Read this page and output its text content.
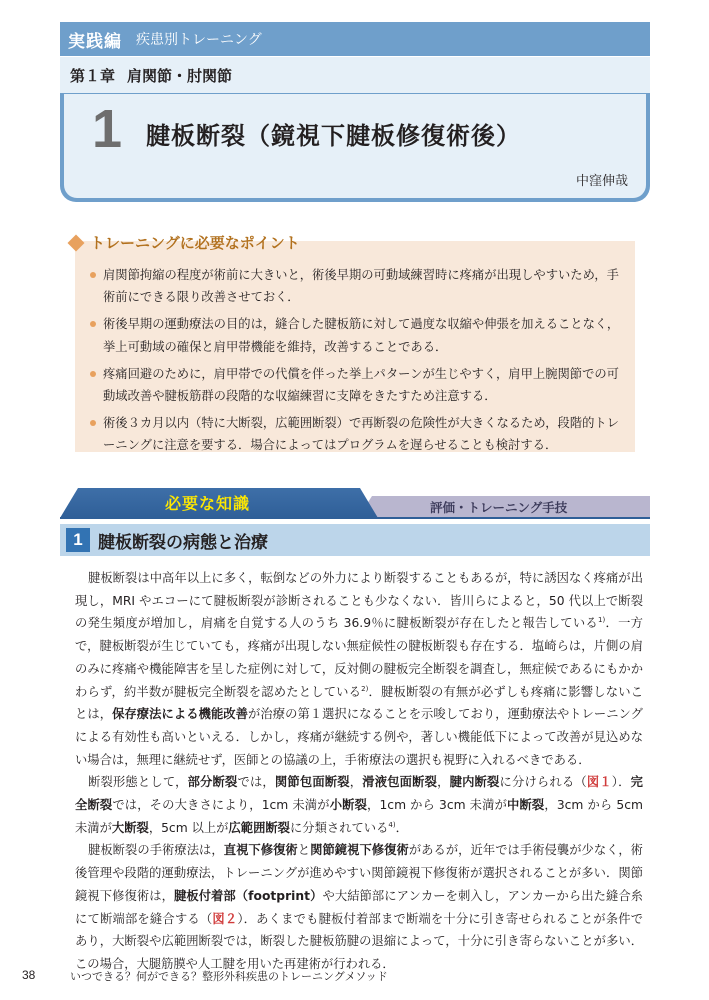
実践編 疾患別トレーニング
第１章 肩関節・肘関節
1 腱板断裂（鏡視下腱板修復術後）
中窪伸哉
トレーニングに必要なポイント
肩関節拘縮の程度が術前に大きいと，術後早期の可動域練習時に疼痛が出現しやすいため，手術前にできる限り改善させておく．
術後早期の運動療法の目的は，縫合した腱板筋に対して過度な収縮や伸張を加えることなく，挙上可動域の確保と肩甲帯機能を維持，改善することである．
疼痛回避のために，肩甲帯での代償を伴った挙上パターンが生じやすく，肩甲上腕関節での可動域改善や腱板筋群の段階的な収縮練習に支障をきたすため注意する．
術後３カ月以内（特に大断裂，広範囲断裂）で再断裂の危険性が大きくなるため，段階的トレーニングに注意を要する．場合によってはプログラムを遅らせることも検討する．
評価・トレーニング手技
必要な知識
1 腱板断裂の病態と治療

腱板断裂は中高年以上に多く，転倒などの外力により断裂することもあるが，特に誘因なく疼痛が出現し，MRI やエコーにて腱板断裂が診断されることも少なくない．皆川らによると，50 代以上で断裂の発生頻度が増加し，肩痛を自覚する人のうち 36.9％に腱板断裂が存在したと報告している$^{1)}$．一方で，腱板断裂が生じていても，疼痛が出現しない無症候性の腱板断裂も存在する．塩崎らは，片側の肩のみに疼痛や機能障害を呈した症例に対して，反対側の腱板完全断裂を調査し，無症候であるにもかかわらず，約半数が腱板完全断裂を認めたとしている$^{2)}$．腱板断裂の有無が必ずしも疼痛に影響しないことは，保存療法による機能改善が治療の第１選択になることを示唆しており，運動療法やトレーニングによる有効性も高いといえる．しかし，疼痛が継続する例や，著しい機能低下によって改善が見込めない場合は，無理に継続せず，医師との協議の上，手術療法の選択も視野に入れるべきである．

断裂形態として，部分断裂では，関節包面断裂，滑液包面断裂，腱内断裂に分けられる（図１）．完全断裂では，その大きさにより，1cm 未満が小断裂，1cm から 3cm 未満が中断裂，3cm から 5cm 未満が大断裂，5cm 以上が広範囲断裂に分類されている$^{4)}$．

腱板断裂の手術療法は，直視下修復術と関節鏡視下修復術があるが，近年では手術侵襲が少なく，術後管理や段階的運動療法，トレーニングが進めやすい関節鏡視下修復術が選択されることが多い．関節鏡視下修復術は，腱板付着部（footprint）や大結節部にアンカーを刺入し，アンカーから出た縫合糸にて断端部を縫合する（図２）．あくまでも腱板付着部まで断端を十分に引き寄せられることが条件であり，大断裂や広範囲断裂では，断裂した腱板筋腱の退縮によって，十分に引き寄らないことが多い．この場合，大腿筋膜や人工腱を用いた再建術が行われる．

38	いつできる？何ができる？整形外科疾患のトレーニングメソッド
